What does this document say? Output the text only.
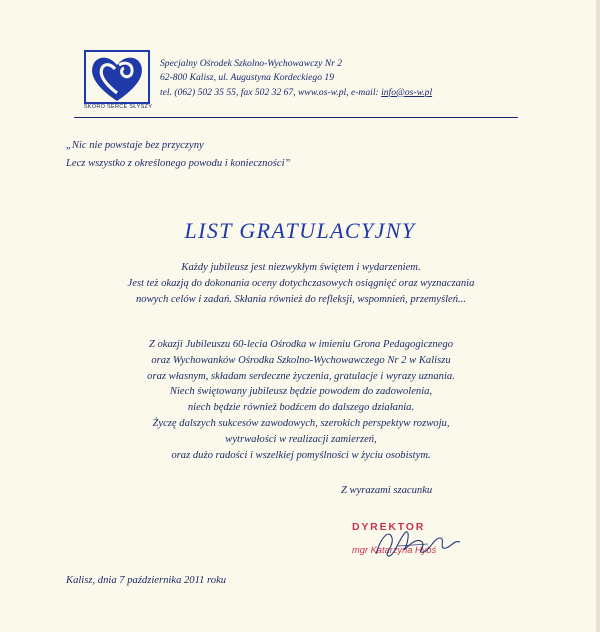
SKORO SERCE SŁYSZY
Specjalny Ośrodek Szkolno-Wychowawczy Nr 2
62-800 Kalisz, ul. Augustyna Kordeckiego 19
tel. (062) 502 35 55, fax 502 32 67, www.os-w.pl, e-mail: info@os-w.pl
„Nic nie powstaje bez przyczyny
Lecz wszystko z określonego powodu i konieczności”
LIST GRATULACYJNY
Każdy jubileusz jest niezwykłym świętem i wydarzeniem.
Jest też okazją do dokonania oceny dotychczasowych osiągnięć oraz wyznaczania
nowych celów i zadań. Skłania również do refleksji, wspomnień, przemyśleń...
Z okazji Jubileuszu 60-lecia Ośrodka w imieniu Grona Pedagogicznego
oraz Wychowanków Ośrodka Szkolno-Wychowawczego Nr 2 w Kaliszu
oraz własnym, składam serdeczne życzenia, gratulacje i wyrazy uznania.
Niech świętowany jubileusz będzie powodem do zadowolenia,
niech będzie również bodźcem do dalszego działania.
Życzę dalszych sukcesów zawodowych, szerokich perspektyw rozwoju,
wytrwałości w realizacji zamierzeń,
oraz dużo radości i wszelkiej pomyślności w życiu osobistym.
Z wyrazami szacunku
DYREKTOR
mgr Katarzyna Hybś
Kalisz, dnia 7 października 2011 roku
